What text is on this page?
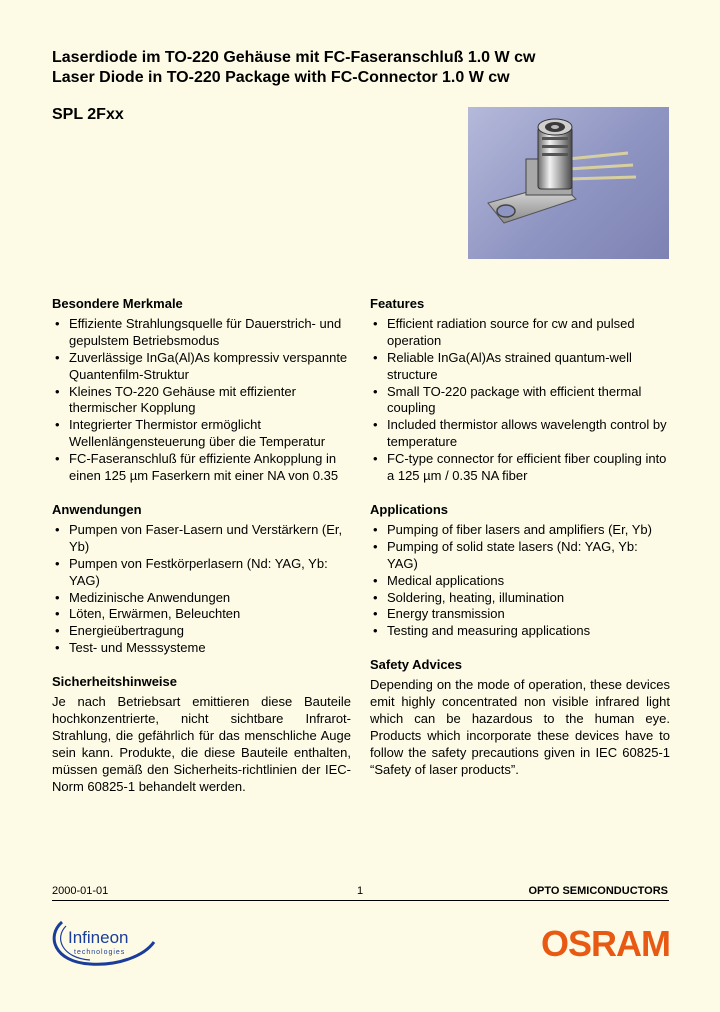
Laserdiode im TO-220 Gehäuse mit FC-Faseranschluß 1.0 W cw
Laser Diode in TO-220 Package with FC-Connector 1.0 W cw
SPL 2Fxx
Besondere Merkmale
• Effiziente Strahlungsquelle für Dauerstrich- und gepulstem Betriebsmodus
• Zuverlässige InGa(Al)As kompressiv verspannte Quantenfilm-Struktur
• Kleines TO-220 Gehäuse mit effizienter thermischer Kopplung
• Integrierter Thermistor ermöglicht Wellenlängensteuerung über die Temperatur
• FC-Faseranschluß für effiziente Ankopplung in einen 125 µm Faserkern mit einer NA von 0.35
Anwendungen
• Pumpen von Faser-Lasern und Verstärkern (Er, Yb)
• Pumpen von Festkörperlasern (Nd: YAG, Yb: YAG)
• Medizinische Anwendungen
• Löten, Erwärmen, Beleuchten
• Energieübertragung
• Test- und Messsysteme
Sicherheitshinweise
Je nach Betriebsart emittieren diese Bauteile hochkonzentrierte, nicht sichtbare Infrarot-Strahlung, die gefährlich für das menschliche Auge sein kann. Produkte, die diese Bauteile enthalten, müssen gemäß den Sicherheits-richtlinien der IEC-Norm 60825-1 behandelt werden.
Features
• Efficient radiation source for cw and pulsed operation
• Reliable InGa(Al)As strained quantum-well structure
• Small TO-220 package with efficient thermal coupling
• Included thermistor allows wavelength control by temperature
• FC-type connector for efficient fiber coupling into a 125 µm / 0.35 NA fiber
Applications
• Pumping of fiber lasers and amplifiers (Er, Yb)
• Pumping of solid state lasers (Nd: YAG, Yb: YAG)
• Medical applications
• Soldering, heating, illumination
• Energy transmission
• Testing and measuring applications
Safety Advices
Depending on the mode of operation, these devices emit highly concentrated non visible infrared light which can be hazardous to the human eye. Products which incorporate these devices have to follow the safety precautions given in IEC 60825-1 “Safety of laser products”.
2000-01-01	1	OPTO SEMICONDUCTORS
Infineon
technologies	OSRAM
